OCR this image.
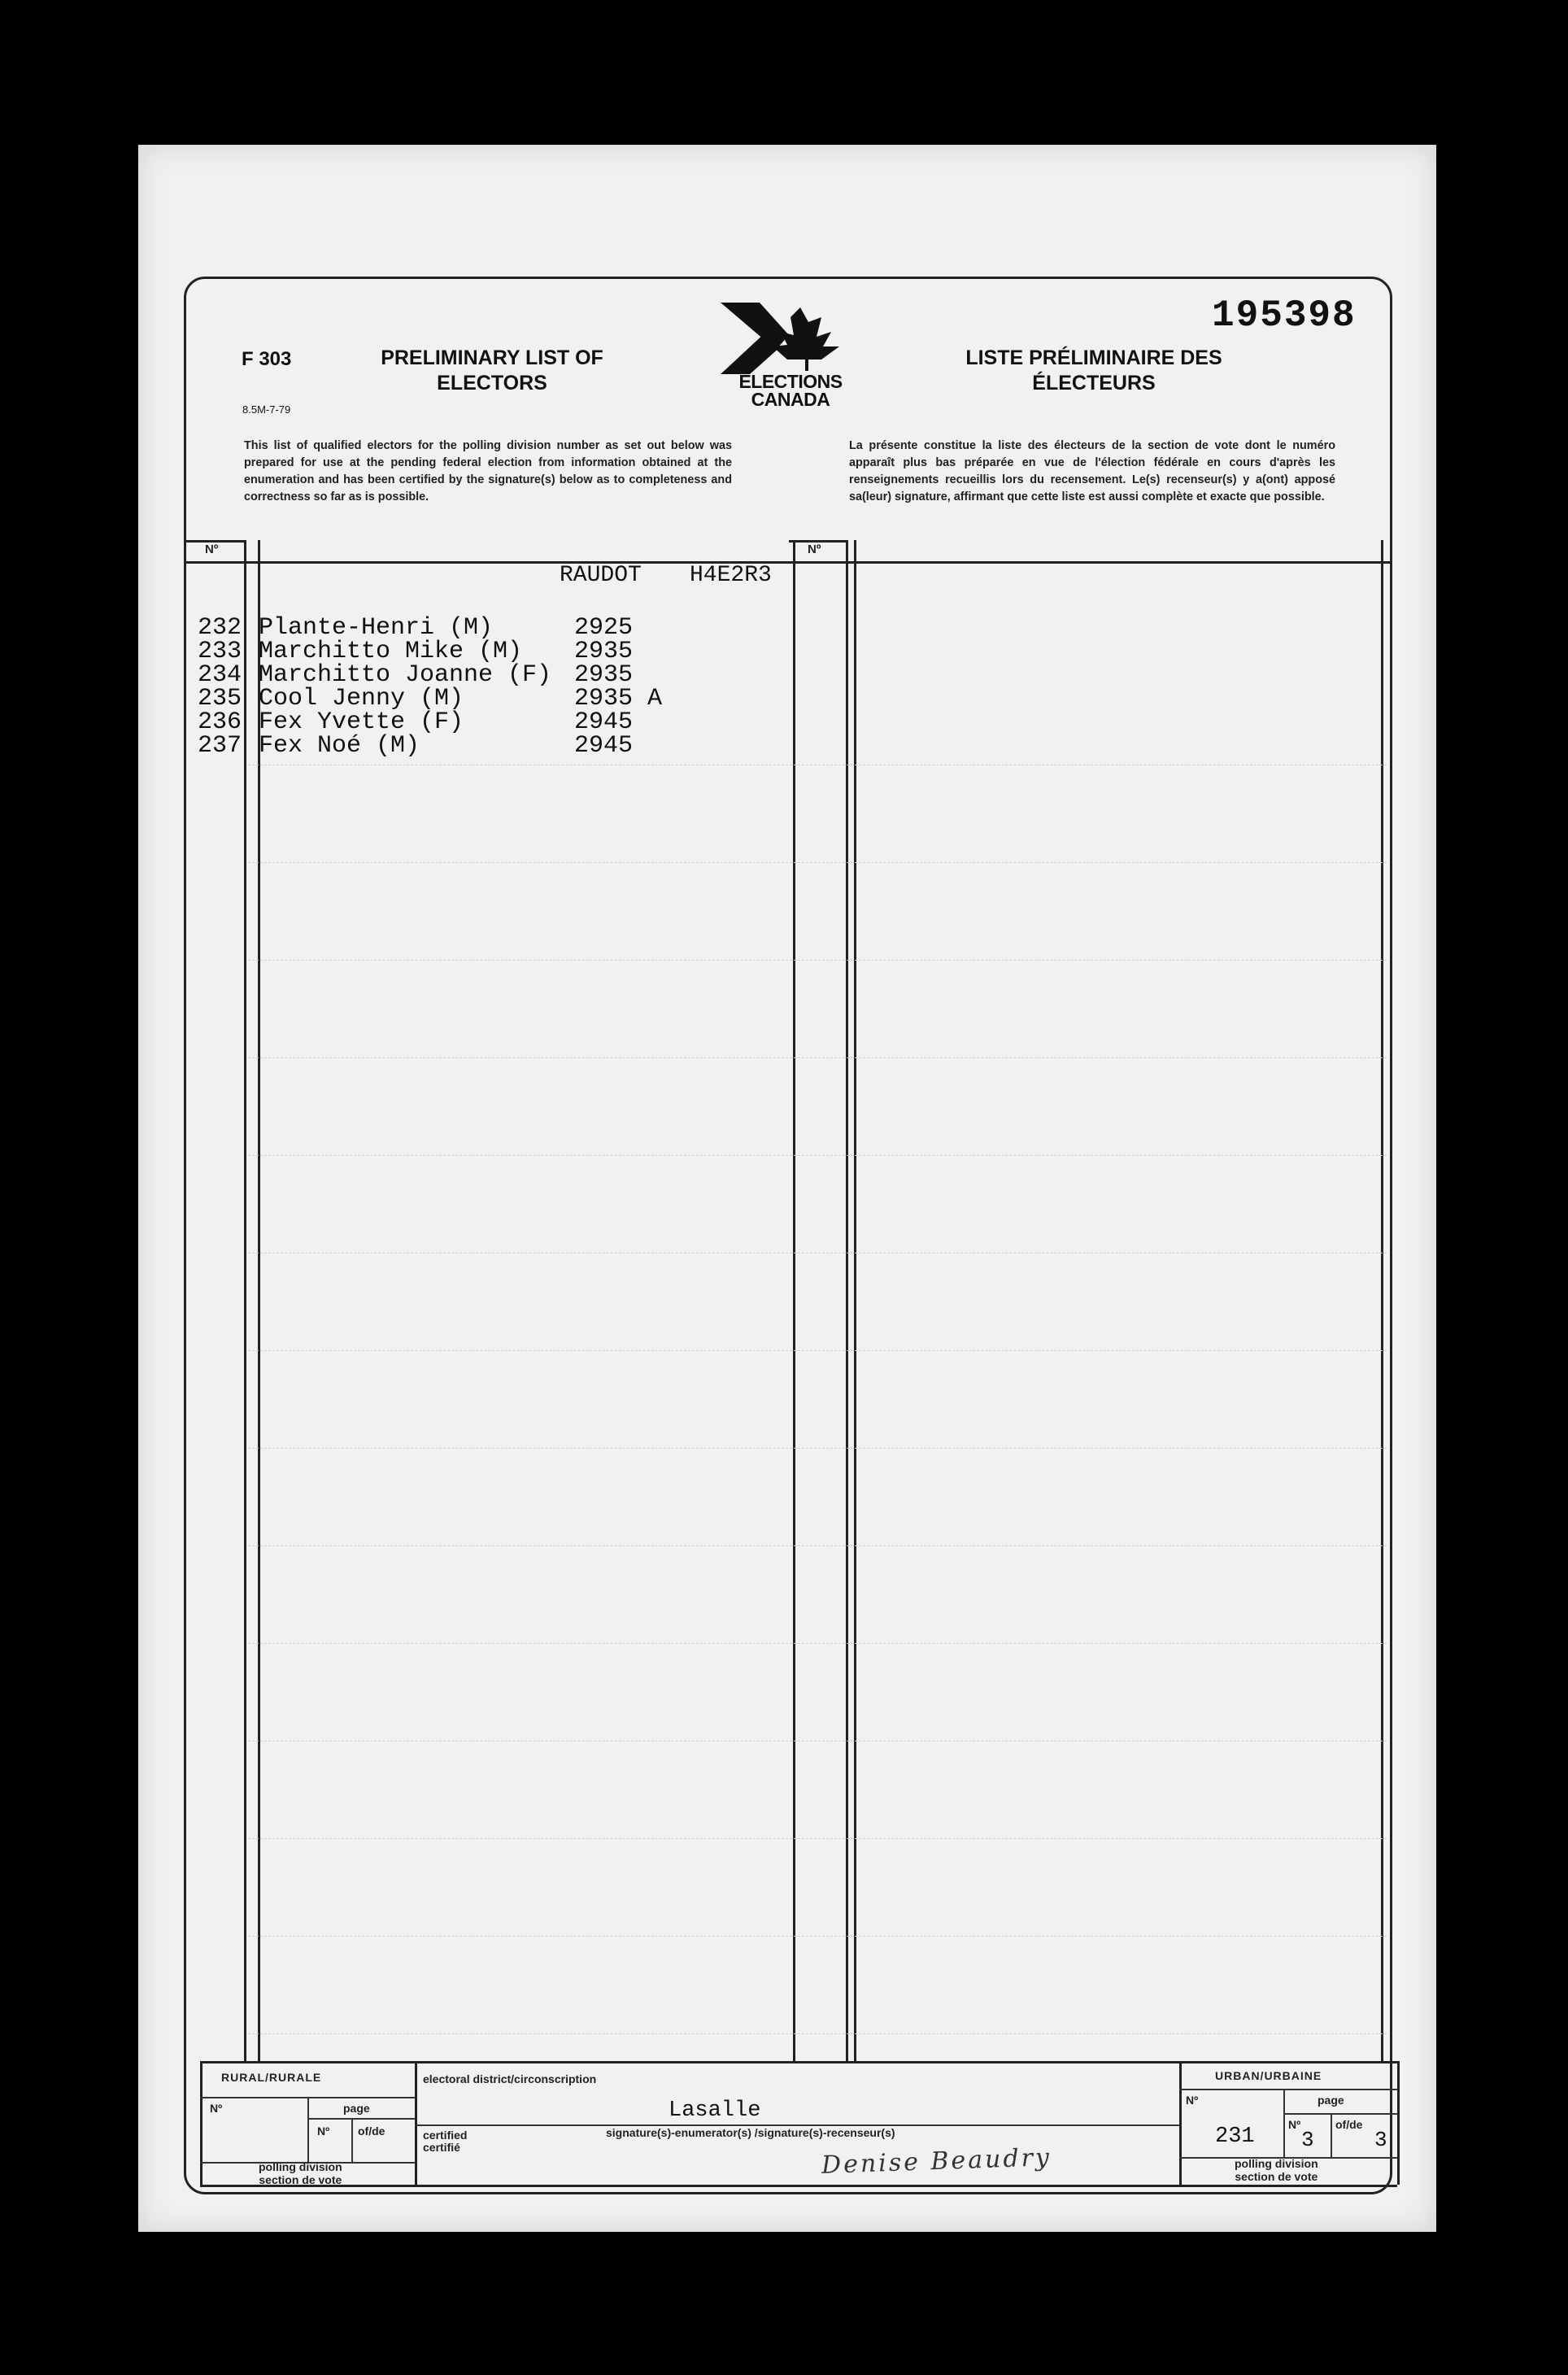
195398
F 303
8.5M-7-79
PRELIMINARY LIST OF
ELECTORS	ELECTIONS
CANADA
LISTE PRÉLIMINAIRE DES
ÉLECTEURS
This list of qualified electors for the polling division number as set out below was prepared for use at the pending federal election from information obtained at the enumeration and has been certified by the signature(s) below as to completeness and correctness so far as is possible.
La présente constitue la liste des électeurs de la section de vote dont le numéro apparaît plus bas préparée en vue de l'élection fédérale en cours d'après les renseignements recueillis lors du recensement. Le(s) recenseur(s) y a(ont) apposé sa(leur) signature, affirmant que cette liste est aussi complète et exacte que possible.
Nº	Nº
RAUDOT H4E2R3
232 Plante-Henri (M)	2925
233 Marchitto Mike (M) 2935
234 Marchitto Joanne (F) 2935
235 Cool Jenny (M)	2935 A
236 Fex Yvette (F)	2945
237 Fex Noé (M)	2945
RURAL/RURALE
Nº	page
Nº of/de
polling division
section de vote
electoral district/circonscription
Lasalle
signature(s)-enumerator(s) /signature(s)-recenseur(s)
certified
certifié	Denise Beaudry
URBAN/URBAINE
Nº	page
Nº	of/de
231 3	3
polling division
section de vote
